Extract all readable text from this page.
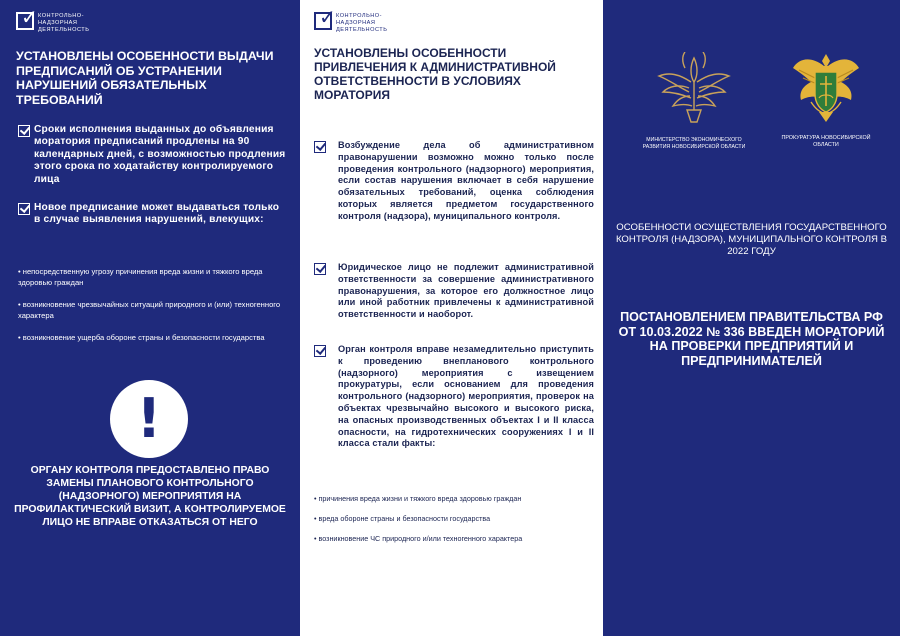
✓ КОНТРОЛЬНО-
НАДЗОРНАЯ
ДЕЯТЕЛЬНОСТЬ
УСТАНОВЛЕНЫ ОСОБЕННОСТИ ВЫДАЧИ ПРЕДПИСАНИЙ ОБ УСТРАНЕНИИ НАРУШЕНИЙ ОБЯЗАТЕЛЬНЫХ ТРЕБОВАНИЙ
Сроки исполнения выданных до объявления моратория предписаний продлены на 90 календарных дней, с возможностью продления этого срока по ходатайству контролируемого лица
Новое предписание может выдаваться только в случае выявления нарушений, влекущих:
• непосредственную угрозу причинения вреда жизни и тяжкого вреда здоровью граждан
• возникновение чрезвычайных ситуаций природного и (или) техногенного характера
• возникновение ущерба обороне страны и безопасности государства
!
ОРГАНУ КОНТРОЛЯ ПРЕДОСТАВЛЕНО ПРАВО ЗАМЕНЫ ПЛАНОВОГО КОНТРОЛЬНОГО (НАДЗОРНОГО) МЕРОПРИЯТИЯ НА ПРОФИЛАКТИЧЕСКИЙ ВИЗИТ, А КОНТРОЛИРУЕМОЕ ЛИЦО НЕ ВПРАВЕ ОТКАЗАТЬСЯ ОТ НЕГО
✓ КОНТРОЛЬНО-
НАДЗОРНАЯ
ДЕЯТЕЛЬНОСТЬ
УСТАНОВЛЕНЫ ОСОБЕННОСТИ ПРИВЛЕЧЕНИЯ К АДМИНИСТРАТИВНОЙ ОТВЕТСТВЕННОСТИ В УСЛОВИЯХ МОРАТОРИЯ
Возбуждение дела об административном правонарушении возможно можно только после проведения контрольного (надзорного) мероприятия, если состав нарушения включает в себя нарушение обязательных требований, оценка соблюдения которых является предметом государственного контроля (надзора), муниципального контроля.
Юридическое лицо не подлежит административной ответственности за совершение административного правонарушения, за которое его должностное лицо или иной работник привлечены к административной ответственности и наоборот.
Орган контроля вправе незамедлительно приступить к проведению внепланового контрольного (надзорного) мероприятия с извещением прокуратуры, если основанием для проведения контрольного (надзорного) мероприятия, проверок на объектах чрезвычайно высокого и высокого риска, на опасных производственных объектах I и II класса опасности, на гидротехнических сооружениях I и II класса стали факты:
• причинения вреда жизни и тяжкого вреда здоровью граждан
• вреда обороне страны и безопасности государства
• возникновение ЧС природного и/или техногенного характера
МИНИСТЕРСТВО ЭКОНОМИЧЕСКОГО РАЗВИТИЯ НОВОСИБИРСКОЙ ОБЛАСТИ
ПРОКУРАТУРА НОВОСИБИРСКОЙ ОБЛАСТИ
ОСОБЕННОСТИ ОСУЩЕСТВЛЕНИЯ ГОСУДАРСТВЕННОГО КОНТРОЛЯ (НАДЗОРА), МУНИЦИПАЛЬНОГО КОНТРОЛЯ В 2022 ГОДУ
ПОСТАНОВЛЕНИЕМ ПРАВИТЕЛЬСТВА РФ ОТ 10.03.2022 № 336 ВВЕДЕН МОРАТОРИЙ НА ПРОВЕРКИ ПРЕДПРИЯТИЙ И ПРЕДПРИНИМАТЕЛЕЙ
